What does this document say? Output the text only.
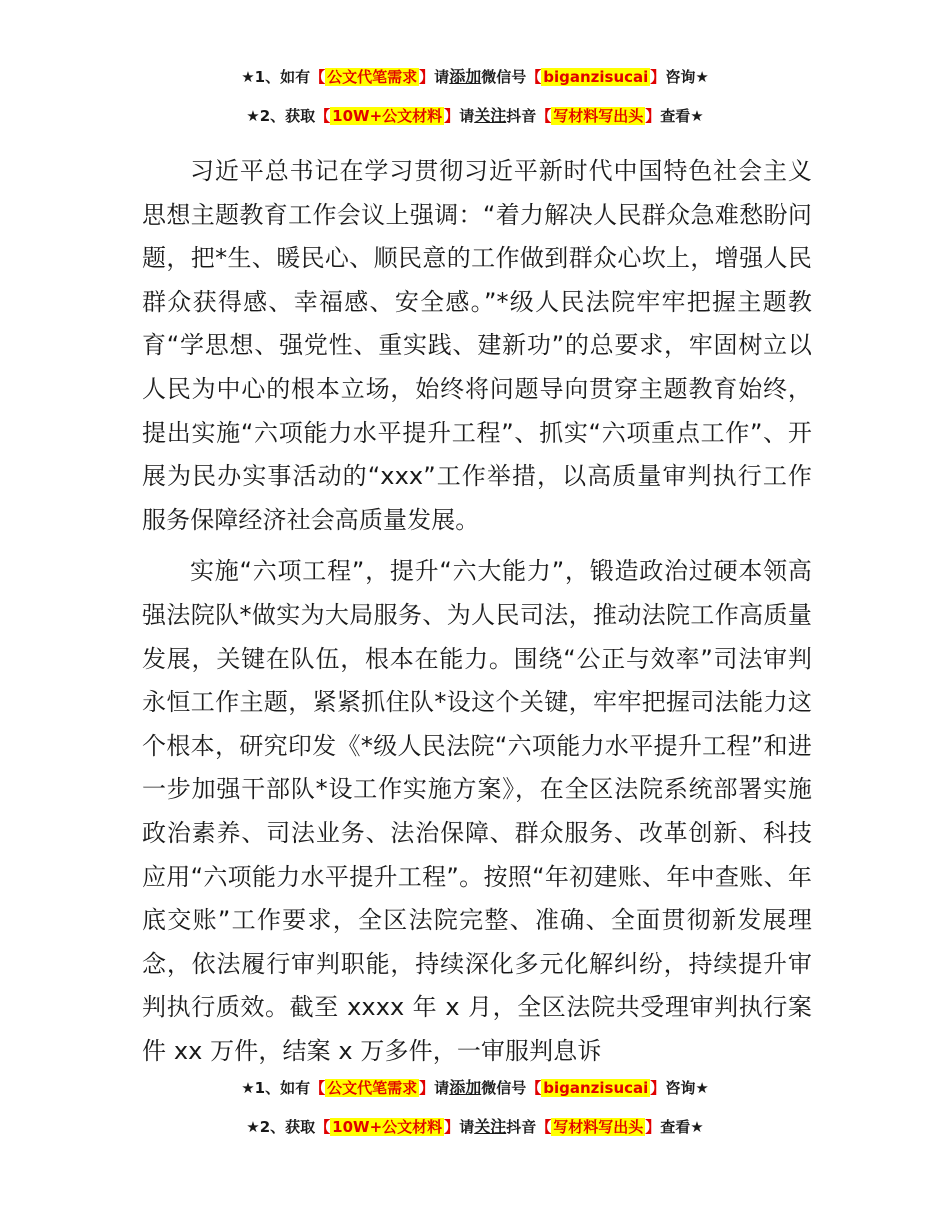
★1、如有【 公文代笔需求 】请添加微信号【 biganzisucai 】咨询★
★2、获取【 10W+公文材料 】请关注抖音【 写材料写出头 】查看★

习近平总书记在学习贯彻习近平新时代中国特色社会主义思想主题教育工作会议上强调：“着力解决人民群众急难愁盼问题，把*生、暖民心、顺民意的工作做到群众心坎上，增强人民群众获得感、幸福感、安全感。”*级人民法院牢牢把握主题教育“学思想、强党性、重实践、建新功”的总要求，牢固树立以人民为中心的根本立场，始终将问题导向贯穿主题教育始终，提出实施“六项能力水平提升工程”、抓实“六项重点工作”、开展为民办实事活动的“xxx”工作举措，以高质量审判执行工作服务保障经济社会高质量发展。

实施“六项工程”，提升“六大能力”，锻造政治过硬本领高强法院队*做实为大局服务、为人民司法，推动法院工作高质量发展，关键在队伍，根本在能力。围绕“公正与效率”司法审判永恒工作主题，紧紧抓住队*设这个关键，牢牢把握司法能力这个根本，研究印发《*级人民法院“六项能力水平提升工程”和进一步加强干部队*设工作实施方案》，在全区法院系统部署实施政治素养、司法业务、法治保障、群众服务、改革创新、科技应用“六项能力水平提升工程”。按照“年初建账、年中查账、年底交账”工作要求，全区法院完整、准确、全面贯彻新发展理念，依法履行审判职能，持续深化多元化解纠纷，持续提升审判执行质效。截至 xxxx 年 x 月，全区法院共受理审判执行案件 xx 万件，结案 x 万多件，一审服判息诉

★1、如有【 公文代笔需求 】请添加微信号【 biganzisucai 】咨询★
★2、获取【 10W+公文材料 】请关注抖音【 写材料写出头 】查看★
